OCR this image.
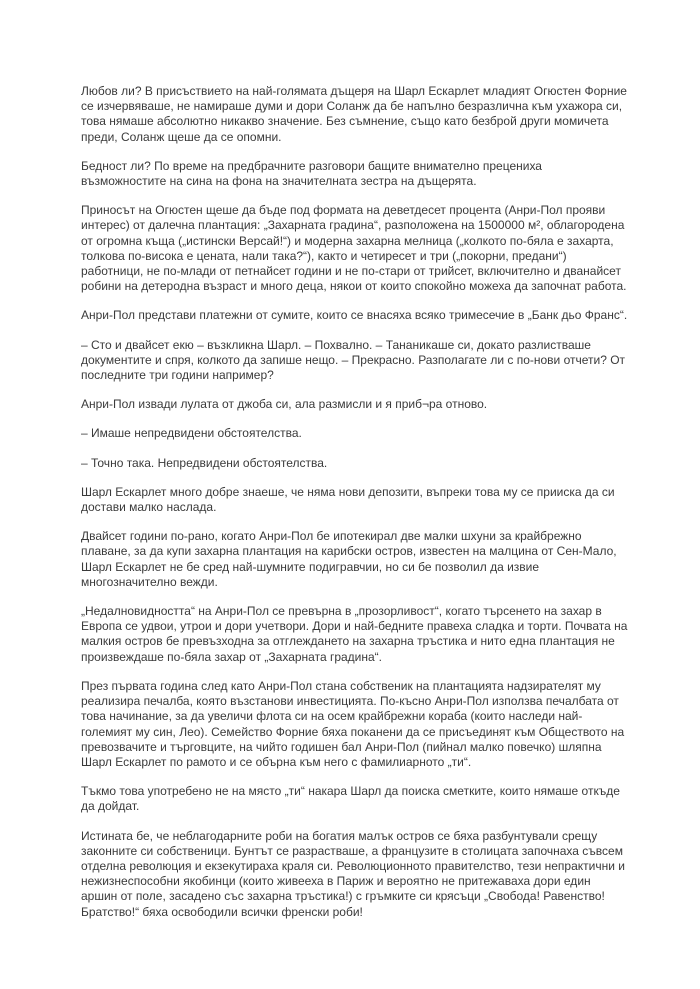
Любов ли? В присъствието на най-голямата дъщеря на Шарл Ескарлет младият Огюстен Форние се изчервяваше, не намираше думи и дори Соланж да бе напълно безразлична към ухажора си, това нямаше абсолютно никакво значение. Без съмнение, също като безброй други момичета преди, Соланж щеше да се опомни.

Бедност ли? По време на предбрачните разговори бащите внимателно прецениха възможностите на сина на фона на значителната зестра на дъщерята.

Приносът на Огюстен щеше да бъде под формата на деветдесет процента (Анри-Пол прояви интерес) от далечна плантация: „Захарната градина“, разположена на 1500000 м², облагородена от огромна къща („истински Версай!“) и модерна захарна мелница („колкото по-бяла е захарта, толкова по-висока е цената, нали така?“), както и четиресет и три („покорни, предани“) работници, не по-млади от петнайсет години и не по-стари от трийсет, включително и дванайсет робини на детеродна възраст и много деца, някои от които спокойно можеха да започнат работа.

Анри-Пол представи платежни от сумите, които се внасяха всяко тримесечие в „Банк дьо Франс“.

– Сто и двайсет екю – възкликна Шарл. – Похвално. – Тананикаше си, докато разлистваше документите и спря, колкото да запише нещо. – Прекрасно. Разполагате ли с по-нови отчети? От последните три години например?

Анри-Пол извади лулата от джоба си, ала размисли и я приб¬ра отново.

– Имаше непредвидени обстоятелства.

– Точно така. Непредвидени обстоятелства.

Шарл Ескарлет много добре знаеше, че няма нови депозити, въпреки това му се прииска да си достави малко наслада.

Двайсет години по-рано, когато Анри-Пол бе ипотекирал две малки шхуни за крайбрежно плаване, за да купи захарна плантация на карибски остров, известен на малцина от Сен-Мало, Шарл Ескарлет не бе сред най-шумните подигравчии, но си бе позволил да извие многозначително вежди.

„Недалновидността“ на Анри-Пол се превърна в „прозорливост“, когато търсенето на захар в Европа се удвои, утрои и дори учетвори. Дори и най-бедните правеха сладка и торти. Почвата на малкия остров бе превъзходна за отглеждането на захарна тръстика и нито една плантация не произвеждаше по-бяла захар от „Захарната градина“.

През първата година след като Анри-Пол стана собственик на плантацията надзирателят му реализира печалба, която възстанови инвестицията. По-късно Анри-Пол използва печалбата от това начинание, за да увеличи флота си на осем крайбрежни кораба (които наследи най-големият му син, Лео). Семейство Форние бяха поканени да се присъединят към Обществото на превозвачите и търговците, на чийто годишен бал Анри-Пол (пийнал малко повечко) шляпна Шарл Ескарлет по рамото и се обърна към него с фамилиарното „ти“.

Тъкмо това употребено не на място „ти“ накара Шарл да поиска сметките, които нямаше откъде да дойдат.

Истината бе, че неблагодарните роби на богатия малък остров се бяха разбунтували срещу законните си собственици. Бунтът се разрастваше, а французите в столицата започнаха съвсем отделна революция и екзекутираха краля си. Революционното правителство, тези непрактични и нежизнеспособни якобинци (които живееха в Париж и вероятно не притежаваха дори един аршин от поле, засадено със захарна тръстика!) с гръмките си крясъци „Свобода! Равенство! Братство!“ бяха освободили всички френски роби!
